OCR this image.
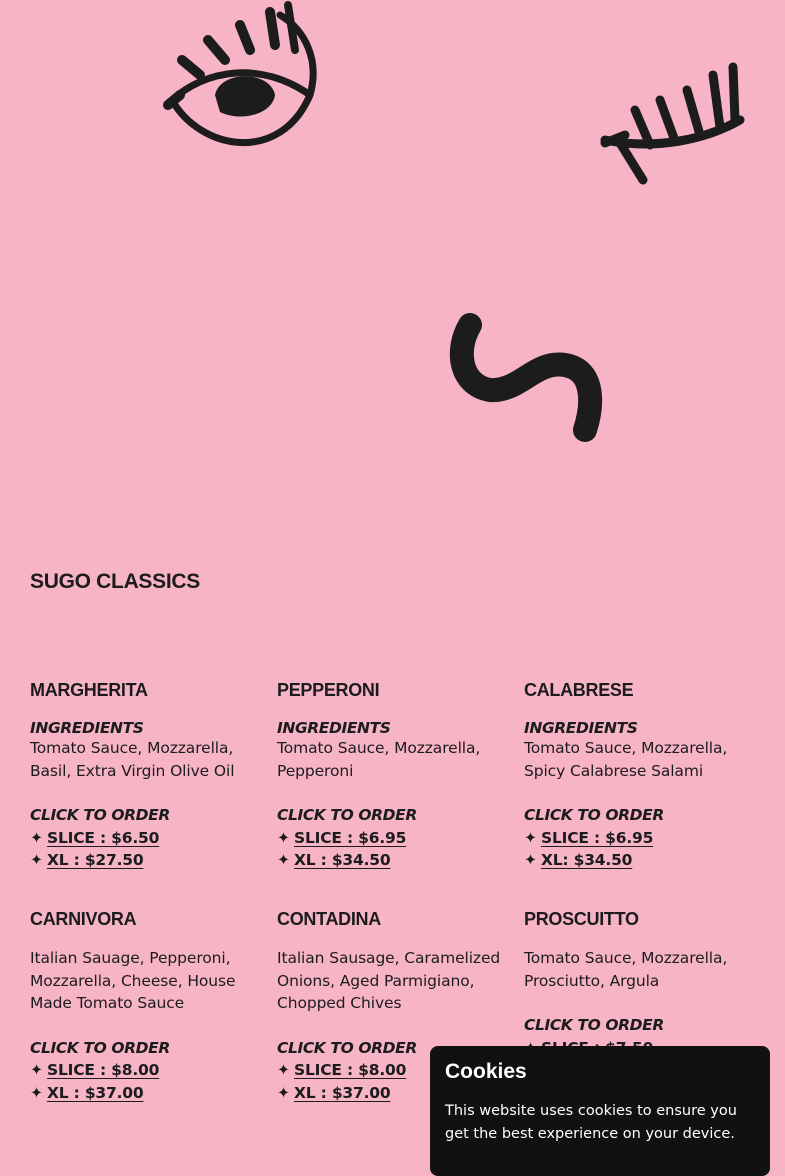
SUGO CLASSICS
MARGHERITA
INGREDIENTS
Tomato Sauce, Mozzarella, Basil, Extra Virgin Olive Oil
CLICK TO ORDER
✦ SLICE : $6.50
✦ XL : $27.50
PEPPERONI
INGREDIENTS
Tomato Sauce, Mozzarella, Pepperoni
CLICK TO ORDER
✦ SLICE : $6.95
✦ XL : $34.50
CALABRESE
INGREDIENTS
Tomato Sauce, Mozzarella, Spicy Calabrese Salami
CLICK TO ORDER
✦ SLICE : $6.95
✦ XL: $34.50
CARNIVORA
Italian Sauage, Pepperoni, Mozzarella, Cheese, House Made Tomato Sauce
CLICK TO ORDER
✦ SLICE : $8.00
✦ XL : $37.00
CONTADINA
Italian Sausage, Caramelized Onions, Aged Parmigiano, Chopped Chives
CLICK TO ORDER
✦ SLICE : $8.00
✦ XL : $37.00
PROSCUITTO
Tomato Sauce, Mozzarella, Prosciutto, Argula
CLICK TO ORDER
Cookies

This website uses cookies to ensure you get the best experience on your device.
